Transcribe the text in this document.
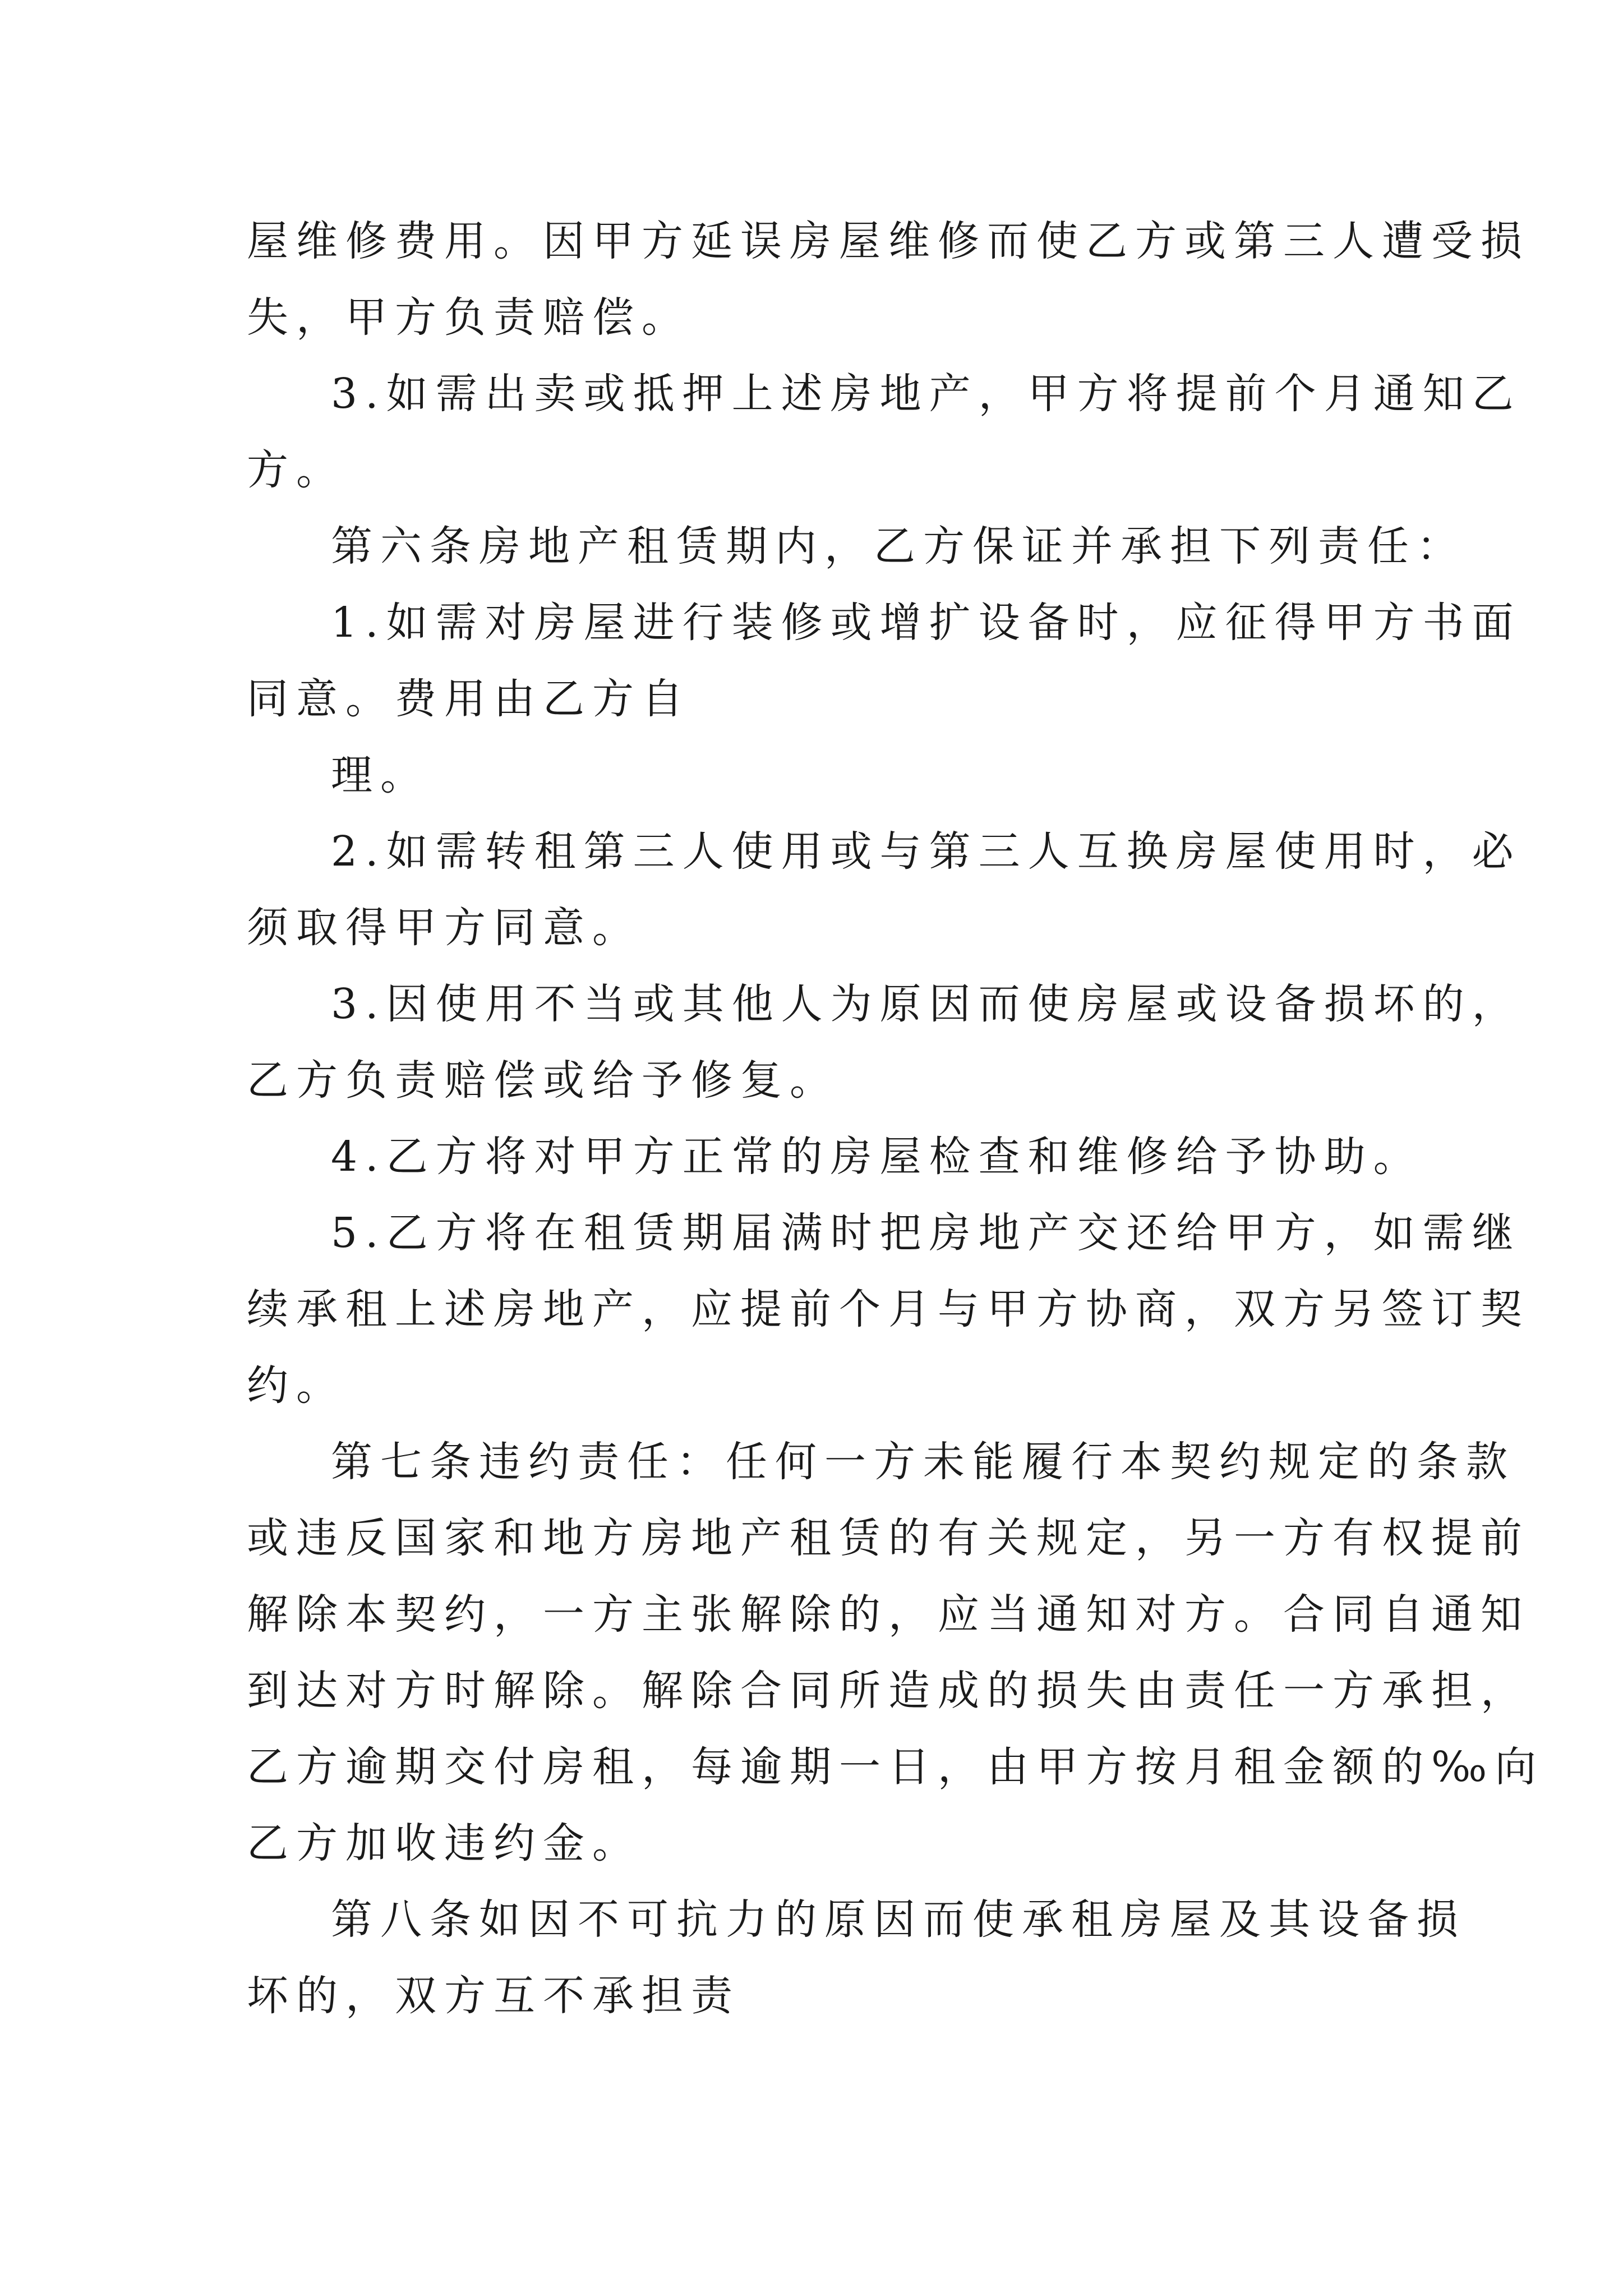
屋维修费用。因甲方延误房屋维修而使乙方或第三人遭受损

失，甲方负责赔偿。

3.如需出卖或抵押上述房地产，甲方将提前个月通知乙

方。

第六条房地产租赁期内，乙方保证并承担下列责任：

1.如需对房屋进行装修或增扩设备时，应征得甲方书面

同意。费用由乙方自

理。

2.如需转租第三人使用或与第三人互换房屋使用时，必

须取得甲方同意。

3.因使用不当或其他人为原因而使房屋或设备损坏的，

乙方负责赔偿或给予修复。

4.乙方将对甲方正常的房屋检查和维修给予协助。

5.乙方将在租赁期届满时把房地产交还给甲方，如需继

续承租上述房地产，应提前个月与甲方协商，双方另签订契

约。

第七条违约责任：任何一方未能履行本契约规定的条款

或违反国家和地方房地产租赁的有关规定，另一方有权提前

解除本契约，一方主张解除的，应当通知对方。合同自通知

到达对方时解除。解除合同所造成的损失由责任一方承担，

乙方逾期交付房租，每逾期一日，由甲方按月租金额的‰向

乙方加收违约金。

第八条如因不可抗力的原因而使承租房屋及其设备损

坏的，双方互不承担责
